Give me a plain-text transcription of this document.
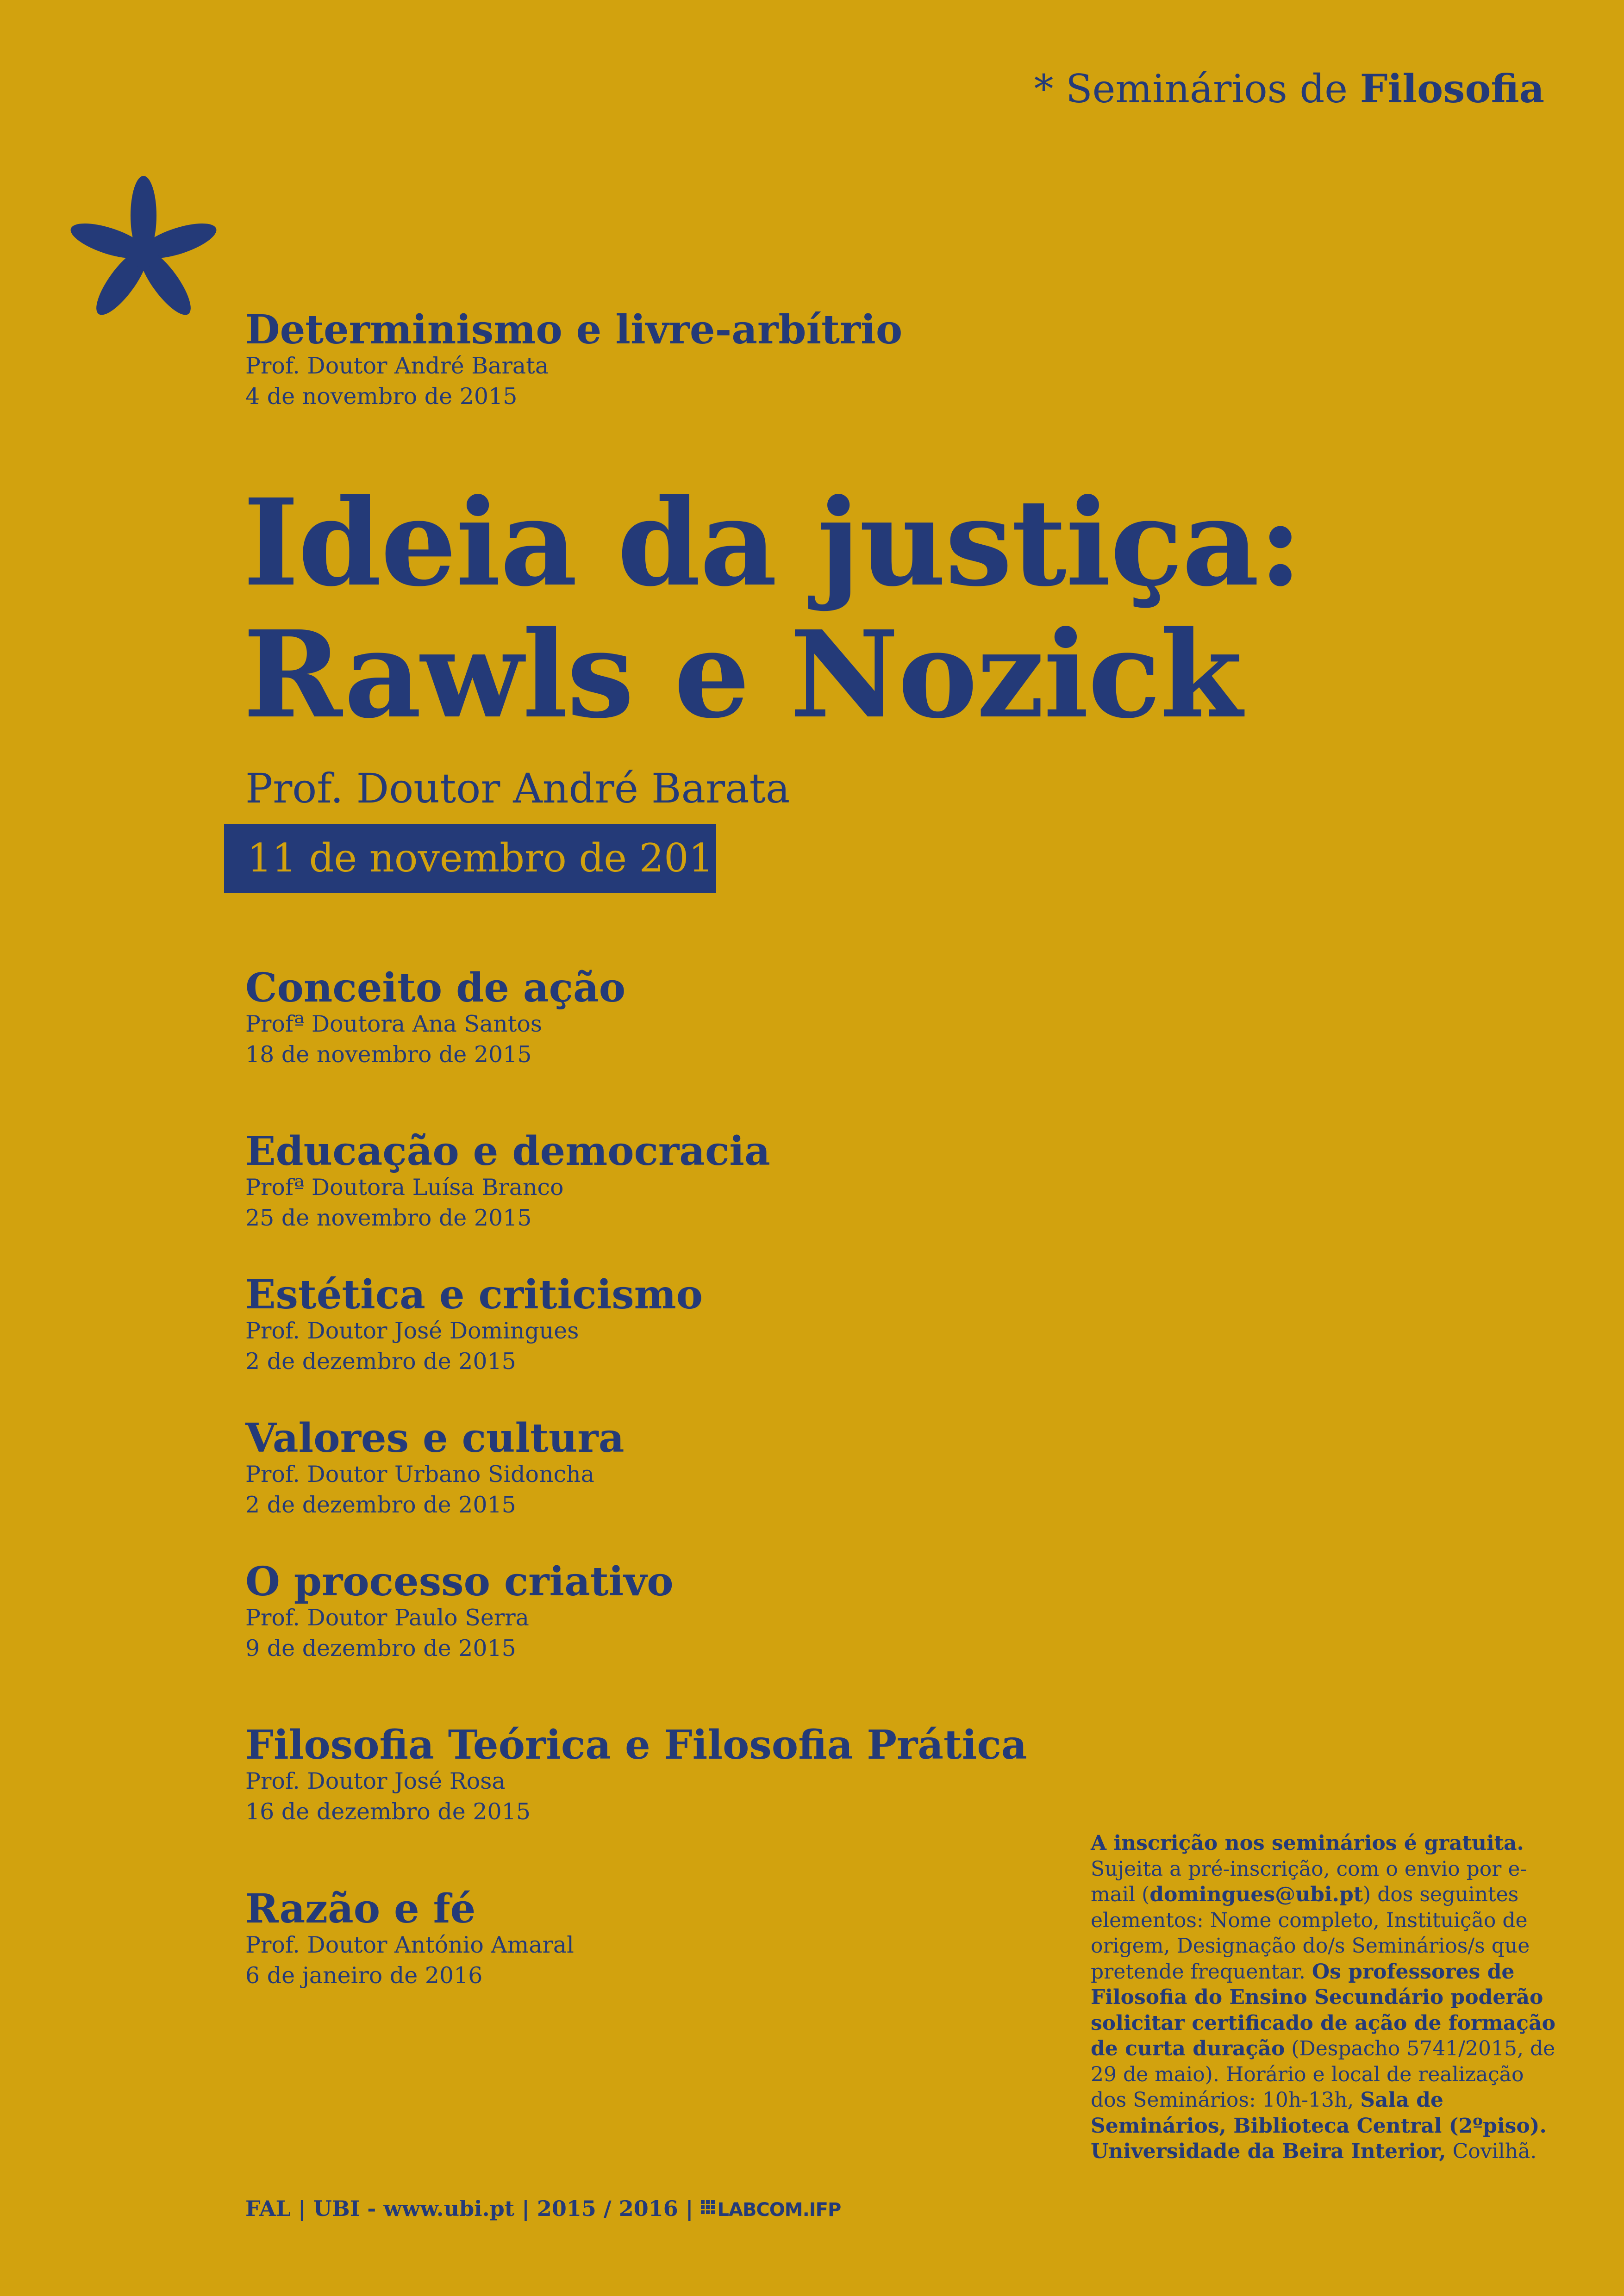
* Seminários de Filosofia
Determinismo e livre-arbítrio
Prof. Doutor André Barata
4 de novembro de 2015
Ideia da justiça:
Rawls e Nozick
Prof. Doutor André Barata
11 de novembro de 2015
Conceito de ação
Profª Doutora Ana Santos
18 de novembro de 2015
Educação e democracia
Profª Doutora Luísa Branco
25 de novembro de 2015
Estética e criticismo
Prof. Doutor José Domingues
2 de dezembro de 2015
Valores e cultura
Prof. Doutor Urbano Sidoncha
2 de dezembro de 2015
O processo criativo
Prof. Doutor Paulo Serra
9 de dezembro de 2015
Filosofia Teórica e Filosofia Prática
Prof. Doutor José Rosa
16 de dezembro de 2015
Razão e fé
Prof. Doutor António Amaral
6 de janeiro de 2016
A inscrição nos seminários é gratuita. Sujeita a pré-inscrição, com o envio por e-mail (domingues@ubi.pt) dos seguintes elementos: Nome completo, Instituição de origem, Designação do/s Seminários/s que pretende frequentar. Os professores de Filosofia do Ensino Secundário poderão solicitar certificado de ação de formação de curta duração (Despacho 5741/2015, de 29 de maio). Horário e local de realização dos Seminários: 10h-13h, Sala de Seminários, Biblioteca Central (2ºpiso). Universidade da Beira Interior, Covilhã.
FAL | UBI - www.ubi.pt | 2015 / 2016 | LABCOM.IFP
